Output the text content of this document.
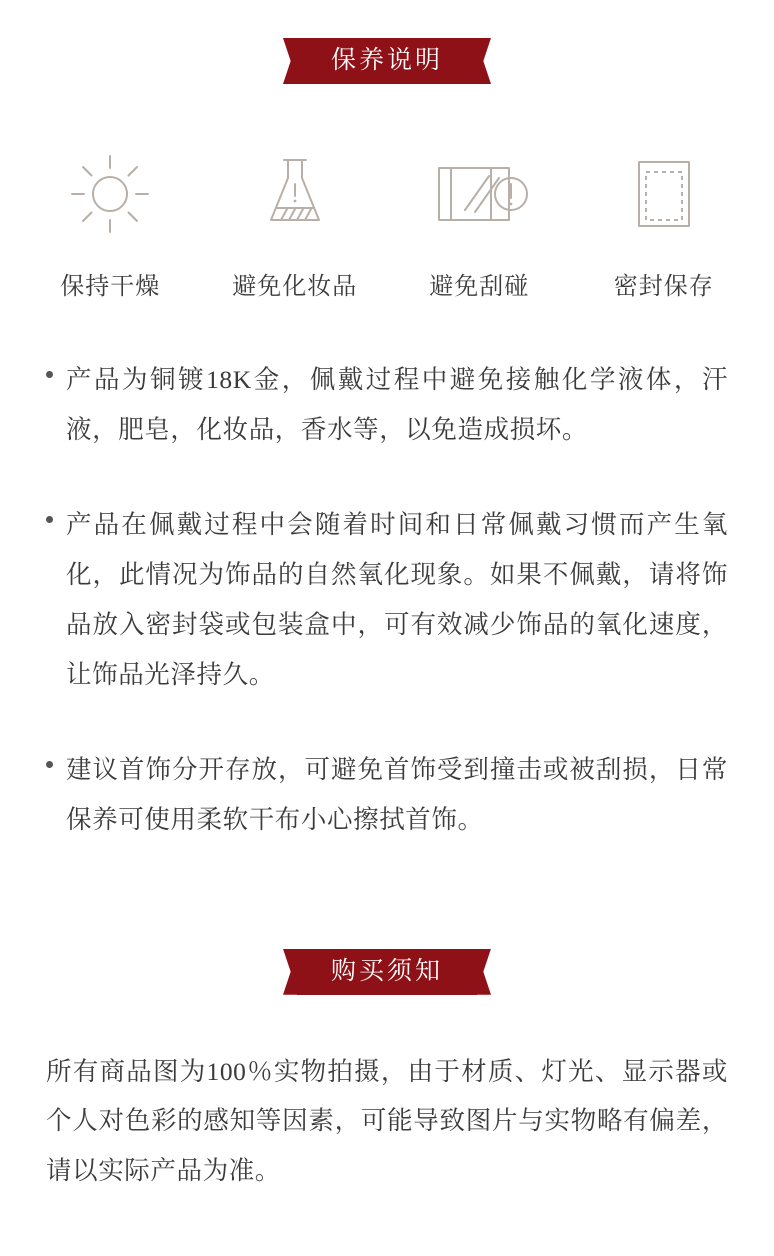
保养说明
保持干燥	避免化妆品	避免刮碰	密封保存
产品为铜镀18K金，佩戴过程中避免接触化学液体，汗液，肥皂，化妆品，香水等，以免造成损坏。
产品在佩戴过程中会随着时间和日常佩戴习惯而产生氧化，此情况为饰品的自然氧化现象。如果不佩戴，请将饰品放入密封袋或包装盒中，可有效减少饰品的氧化速度，让饰品光泽持久。
建议首饰分开存放，可避免首饰受到撞击或被刮损，日常保养可使用柔软干布小心擦拭首饰。
购买须知
所有商品图为100％实物拍摄，由于材质、灯光、显示器或个人对色彩的感知等因素，可能导致图片与实物略有偏差，请以实际产品为准。
